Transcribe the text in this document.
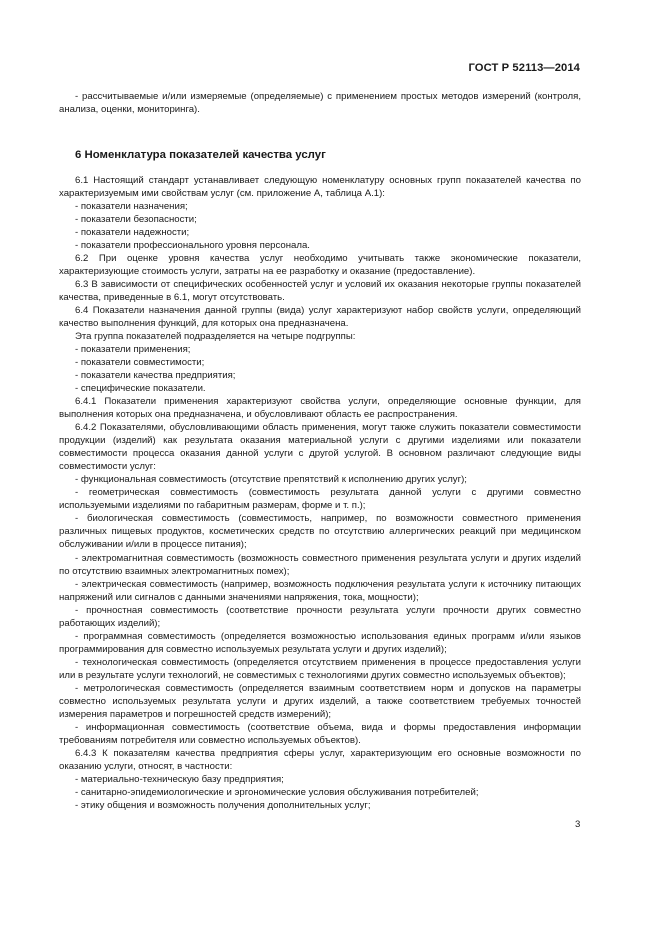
ГОСТ Р 52113—2014

- рассчитываемые и/или измеряемые (определяемые) с применением простых методов измерений (контроля, анализа, оценки, мониторинга).

6 Номенклатура показателей качества услуг

6.1 Настоящий стандарт устанавливает следующую номенклатуру основных групп показателей качества по характеризуемым ими свойствам услуг (см. приложение А, таблица А.1):

- показатели назначения;

- показатели безопасности;

- показатели надежности;

- показатели профессионального уровня персонала.

6.2 При оценке уровня качества услуг необходимо учитывать также экономические показатели, характеризующие стоимость услуги, затраты на ее разработку и оказание (предоставление).

6.3 В зависимости от специфических особенностей услуг и условий их оказания некоторые группы показателей качества, приведенные в 6.1, могут отсутствовать.

6.4 Показатели назначения данной группы (вида) услуг характеризуют набор свойств услуги, определяющий качество выполнения функций, для которых она предназначена.

Эта группа показателей подразделяется на четыре подгруппы:

- показатели применения;

- показатели совместимости;

- показатели качества предприятия;

- специфические показатели.

6.4.1 Показатели применения характеризуют свойства услуги, определяющие основные функции, для выполнения которых она предназначена, и обусловливают область ее распространения.

6.4.2 Показателями, обусловливающими область применения, могут также служить показатели совместимости продукции (изделий) как результата оказания материальной услуги с другими изделиями или показатели совместимости процесса оказания данной услуги с другой услугой. В основном различают следующие виды совместимости услуг:

- функциональная совместимость (отсутствие препятствий к исполнению других услуг);

- геометрическая совместимость (совместимость результата данной услуги с другими совместно используемыми изделиями по габаритным размерам, форме и т. п.);

- биологическая совместимость (совместимость, например, по возможности совместного применения различных пищевых продуктов, косметических средств по отсутствию аллергических реакций при медицинском обслуживании и/или в процессе питания);

- электромагнитная совместимость (возможность совместного применения результата услуги и других изделий по отсутствию взаимных электромагнитных помех);

- электрическая совместимость (например, возможность подключения результата услуги к источнику питающих напряжений или сигналов с данными значениями напряжения, тока, мощности);

- прочностная совместимость (соответствие прочности результата услуги прочности других совместно работающих изделий);

- программная совместимость (определяется возможностью использования единых программ и/или языков программирования для совместно используемых результата услуги и других изделий);

- технологическая совместимость (определяется отсутствием применения в процессе предоставления услуги или в результате услуги технологий, не совместимых с технологиями других совместно используемых объектов);

- метрологическая совместимость (определяется взаимным соответствием норм и допусков на параметры совместно используемых результата услуги и других изделий, а также соответствием требуемых точностей измерения параметров и погрешностей средств измерений);

- информационная совместимость (соответствие объема, вида и формы предоставления информации требованиям потребителя или совместно используемых объектов).

6.4.3 К показателям качества предприятия сферы услуг, характеризующим его основные возможности по оказанию услуги, относят, в частности:

- материально-техническую базу предприятия;

- санитарно-эпидемиологические и эргономические условия обслуживания потребителей;

- этику общения и возможность получения дополнительных услуг;

3
